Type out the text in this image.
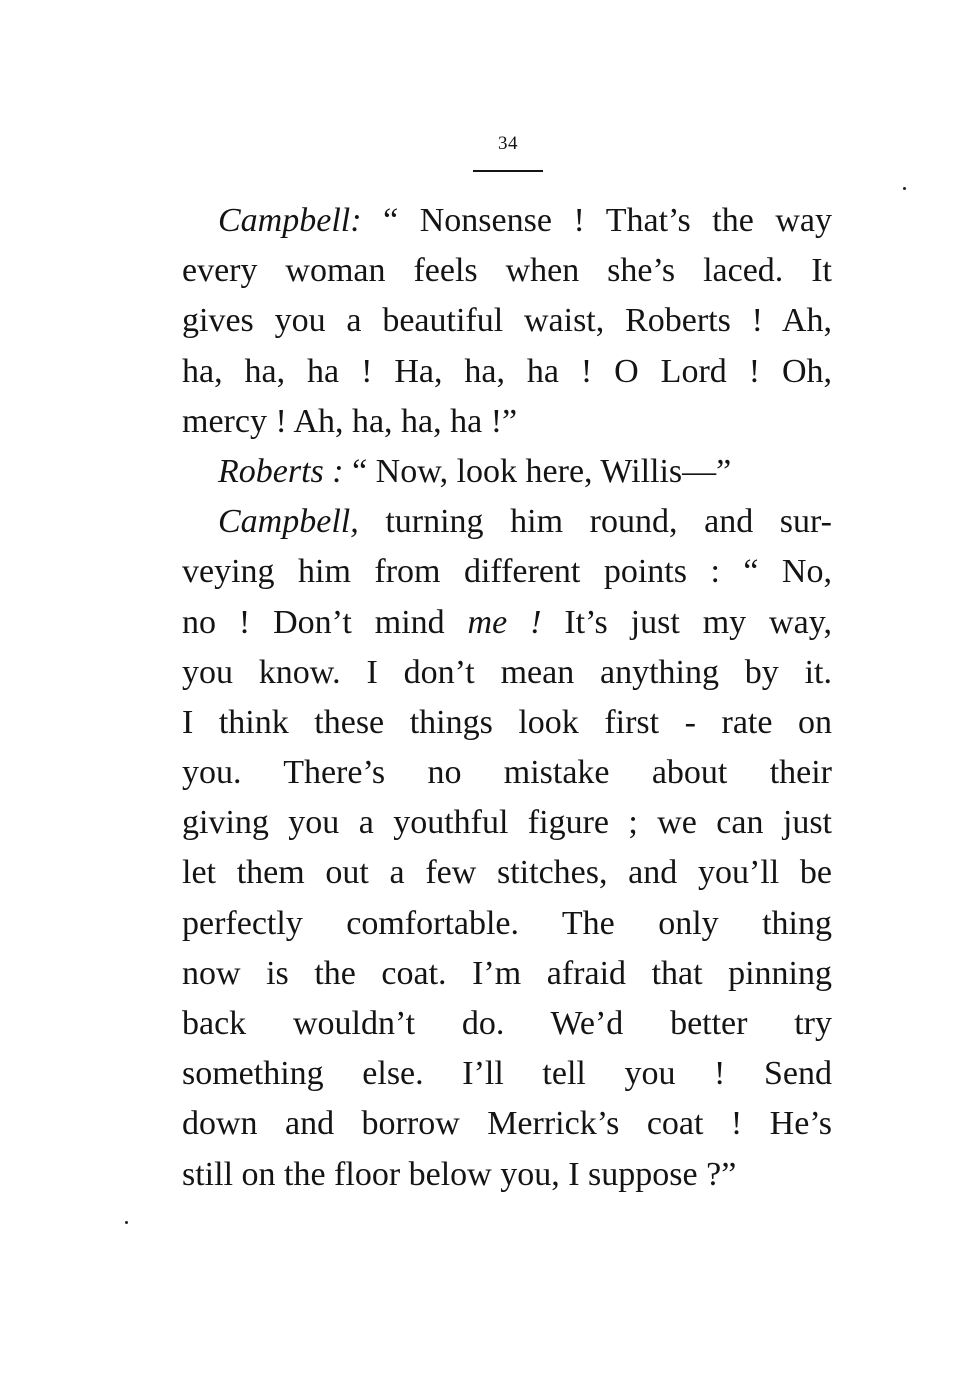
34
Campbell: “ Nonsense ! That’s the way
every woman feels when she’s laced. It
gives you a beautiful waist, Roberts ! Ah,
ha, ha, ha ! Ha, ha, ha ! O Lord ! Oh,
mercy ! Ah, ha, ha, ha !”
Roberts : “ Now, look here, Willis—”
Campbell, turning him round, and sur-
veying him from different points : “ No,
no ! Don’t mind me ! It’s just my way,
you know. I don’t mean anything by it.
I think these things look first - rate on
you. There’s no mistake about their
giving you a youthful figure ; we can just
let them out a few stitches, and you’ll be
perfectly comfortable. The only thing
now is the coat. I’m afraid that pinning
back wouldn’t do. We’d better try
something else. I’ll tell you ! Send
down and borrow Merrick’s coat ! He’s
still on the floor below you, I suppose ?”
